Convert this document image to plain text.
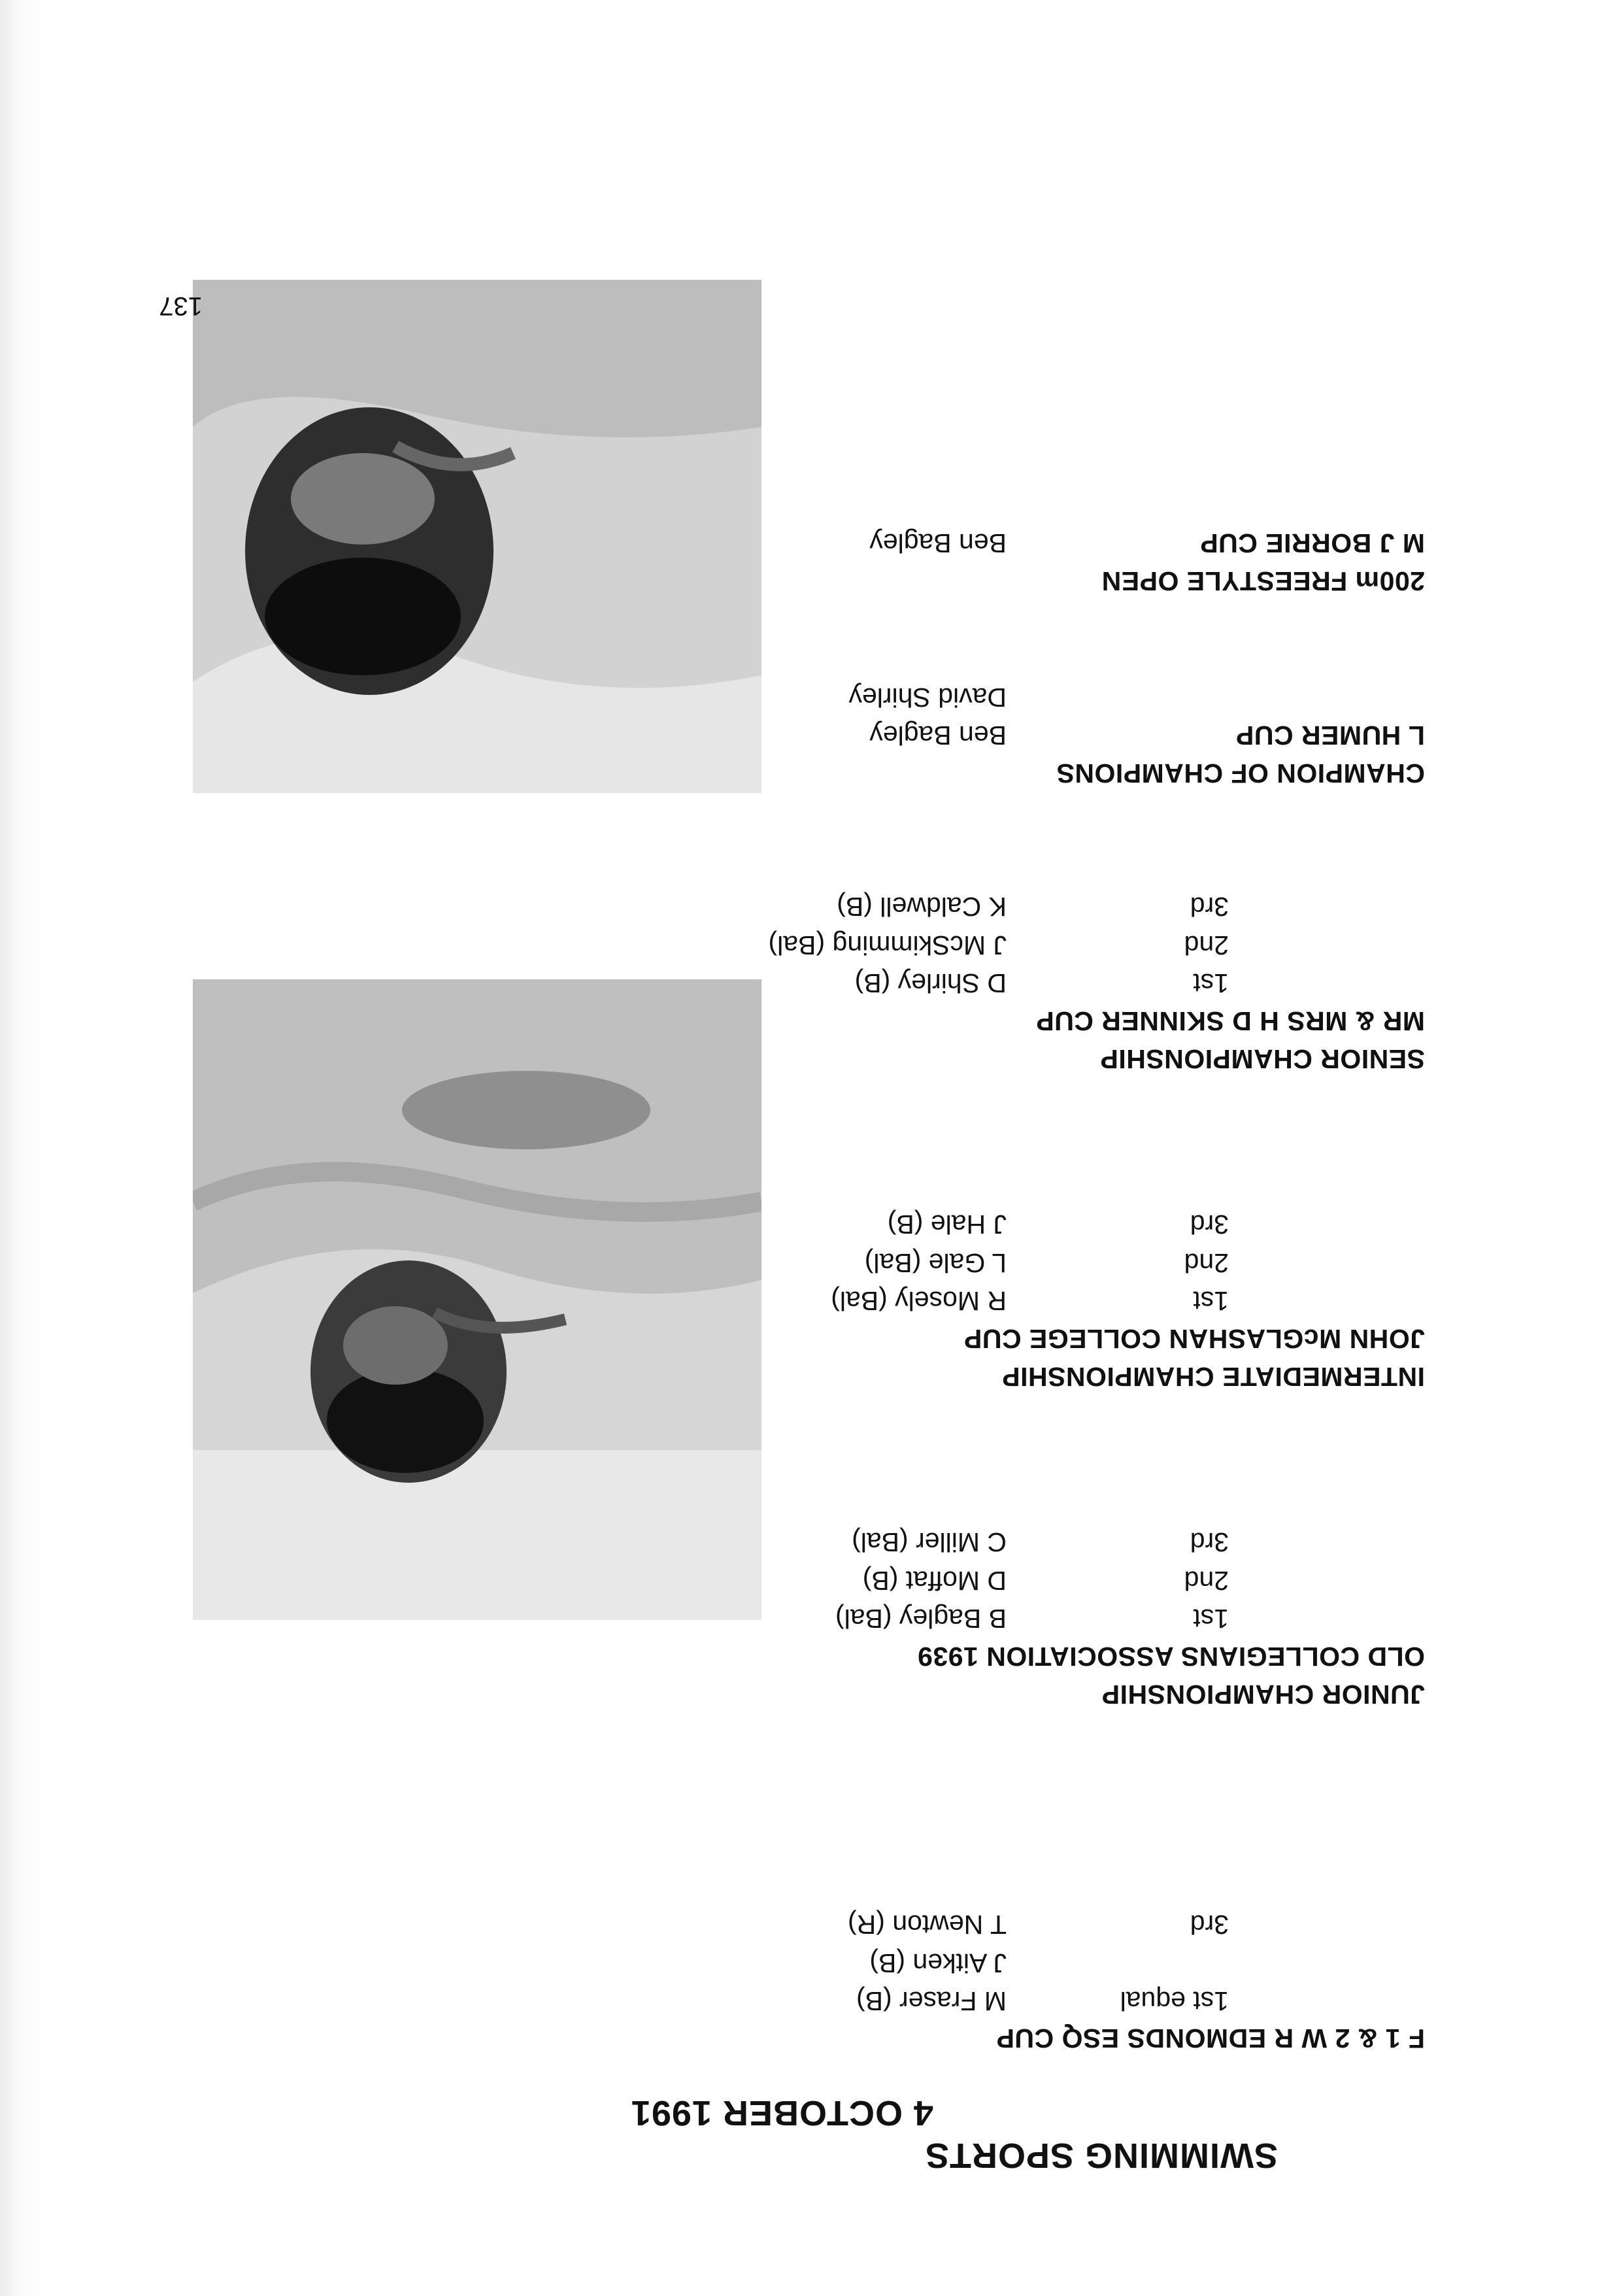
SWIMMING SPORTS
4 OCTOBER 1991
F 1 & 2 W R EDMONDS ESQ CUP
1st equal
M Fraser (B)
J Aitken (B)
3rd
T Newton (R)
JUNIOR CHAMPIONSHIP
OLD COLLEGIANS ASSOCIATION 1939
1st
B Bagley (Bal)
2nd
D Moffat (B)
3rd
C Miller (Bal)
INTERMEDIATE CHAMPIONSHIP
JOHN McGLASHAN COLLEGE CUP
1st
R Mosely (Bal)
2nd
L Gale (Bal)
3rd
J Hale (B)
SENIOR CHAMPIONSHIP
MR & MRS H D SKINNER CUP
1st
D Shirley (B)
2nd
J McSkimming (Bal)
3rd
K Caldwell (B)
CHAMPION OF CHAMPIONS
L HUMER CUP
Ben Bagley
David Shirley
200m FREESTYLE OPEN
M J BORRIE CUP
Ben Bagley
137
